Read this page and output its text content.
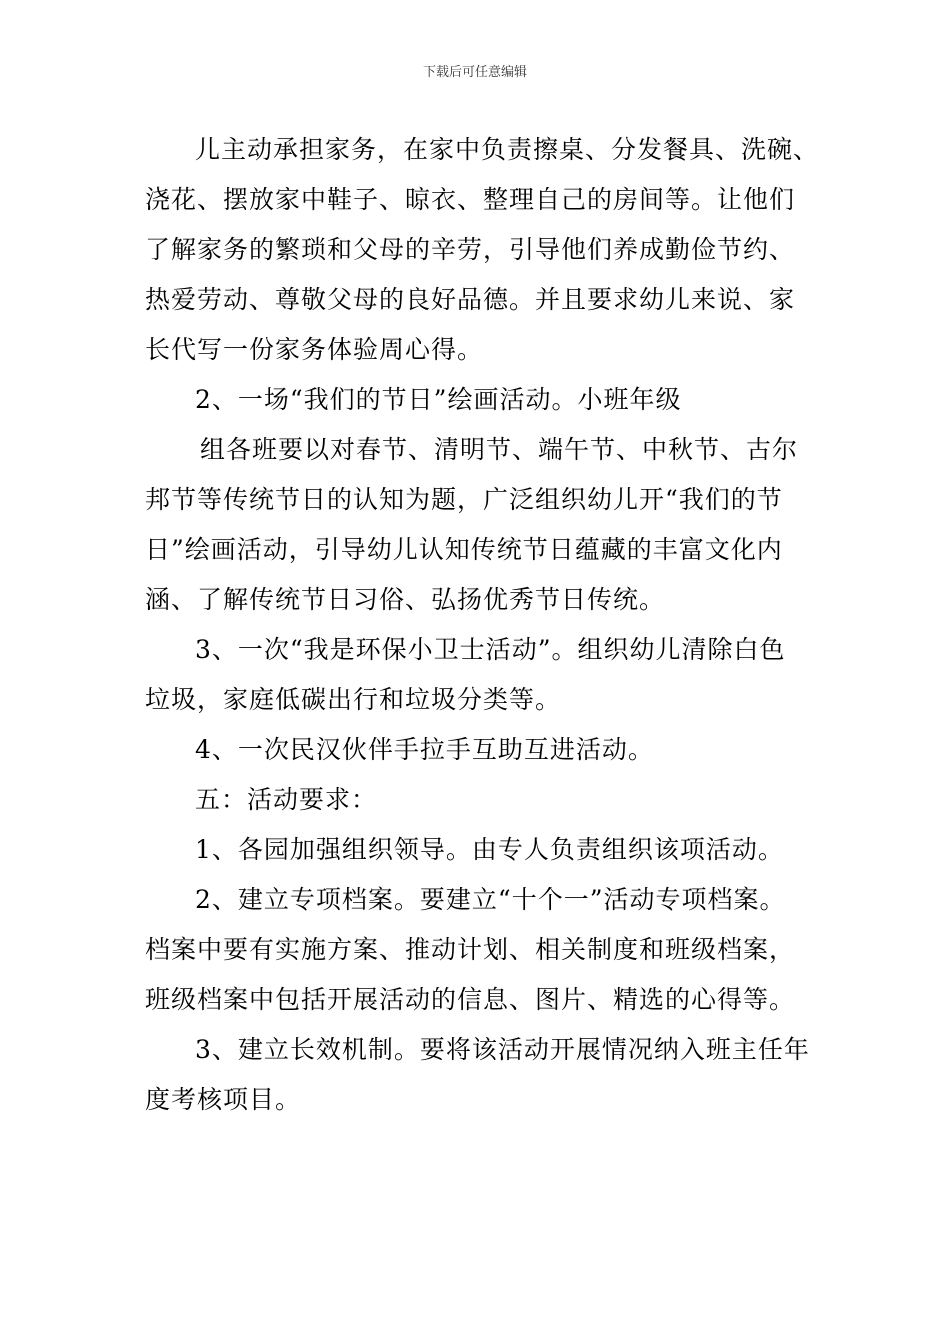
下载后可任意编辑
儿主动承担家务，在家中负责擦桌、分发餐具、洗碗、
浇花、摆放家中鞋子、晾衣、整理自己的房间等。让他们
了解家务的繁琐和父母的辛劳，引导他们养成勤俭节约、
热爱劳动、尊敬父母的良好品德。并且要求幼儿来说、家
长代写一份家务体验周心得。
2、一场“我们的节日”绘画活动。小班年级
组各班要以对春节、清明节、端午节、中秋节、古尔
邦节等传统节日的认知为题，广泛组织幼儿开“我们的节
日”绘画活动，引导幼儿认知传统节日蕴藏的丰富文化内
涵、了解传统节日习俗、弘扬优秀节日传统。
3、一次“我是环保小卫士活动”。组织幼儿清除白色
垃圾，家庭低碳出行和垃圾分类等。
4、一次民汉伙伴手拉手互助互进活动。
五：活动要求：
1、各园加强组织领导。由专人负责组织该项活动。
2、建立专项档案。要建立“十个一”活动专项档案。
档案中要有实施方案、推动计划、相关制度和班级档案，
班级档案中包括开展活动的信息、图片、精选的心得等。
3、建立长效机制。要将该活动开展情况纳入班主任年
度考核项目。
